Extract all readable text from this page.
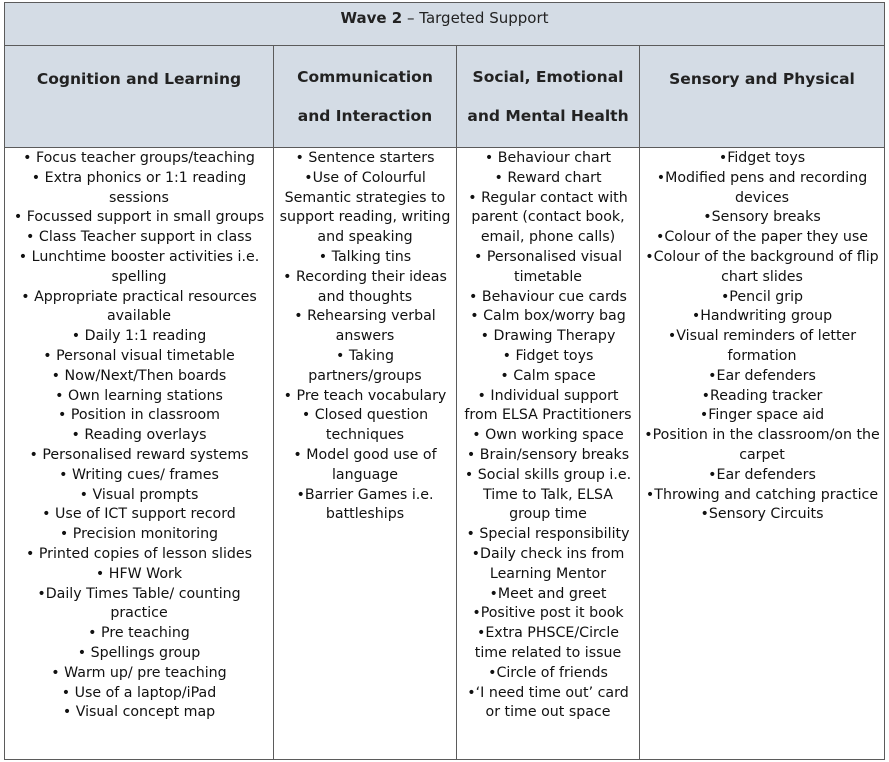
Wave 2 – Targeted Support
Cognition and Learning	Communication and Interaction
Social, Emotional and Mental Health
Sensory and Physical
• Focus teacher groups/teaching
• Extra phonics or 1:1 reading sessions
• Focussed support in small groups
• Class Teacher support in class
• Lunchtime booster activities i.e. spelling
• Appropriate practical resources available
• Daily 1:1 reading
• Personal visual timetable
• Now/Next/Then boards
• Own learning stations
• Position in classroom
• Reading overlays
• Personalised reward systems
• Writing cues/ frames
• Visual prompts
• Use of ICT support record
• Precision monitoring
• Printed copies of lesson slides
• HFW Work
•Daily Times Table/ counting practice
• Pre teaching
• Spellings group
• Warm up/ pre teaching
• Use of a laptop/iPad
• Visual concept map
• Sentence starters
•Use of Colourful Semantic strategies to support reading, writing and speaking
• Talking tins
• Recording their ideas and thoughts
• Rehearsing verbal answers
• Taking partners/groups
• Pre teach vocabulary
• Closed question techniques
• Model good use of language
•Barrier Games i.e. battleships
• Behaviour chart
• Reward chart
• Regular contact with parent (contact book, email, phone calls)
• Personalised visual timetable
• Behaviour cue cards
• Calm box/worry bag
• Drawing Therapy
• Fidget toys
• Calm space
• Individual support from ELSA Practitioners
• Own working space
• Brain/sensory breaks
• Social skills group i.e. Time to Talk, ELSA group time
• Special responsibility
•Daily check ins from Learning Mentor
•Meet and greet
•Positive post it book
•Extra PHSCE/Circle time related to issue
•Circle of friends
•‘I need time out’ card or time out space
•Fidget toys
•Modified pens and recording devices
•Sensory breaks
•Colour of the paper they use
•Colour of the background of flip chart slides
•Pencil grip
•Handwriting group
•Visual reminders of letter formation
•Ear defenders
•Reading tracker
•Finger space aid
•Position in the classroom/on the carpet
•Ear defenders
•Throwing and catching practice
•Sensory Circuits
